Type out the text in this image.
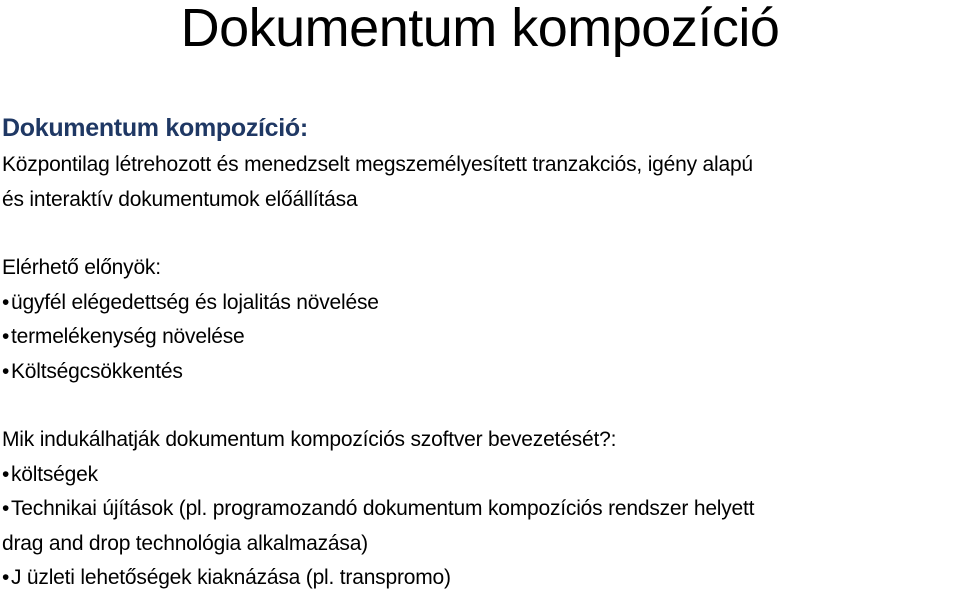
Dokumentum kompozíció
Dokumentum kompozíció:
Központilag létrehozott és menedzselt megszemélyesített tranzakciós, igény alapú
és interaktív dokumentumok előállítása
Elérhető előnyök:
•ügyfél elégedettség és lojalitás növelése
•termelékenység növelése
•Költségcsökkentés
Mik indukálhatják dokumentum kompozíciós szoftver bevezetését?:
•költségek
•Technikai újítások (pl. programozandó dokumentum kompozíciós rendszer helyett
drag and drop technológia alkalmazása)
•J üzleti lehetőségek kiaknázása (pl. transpromo)
